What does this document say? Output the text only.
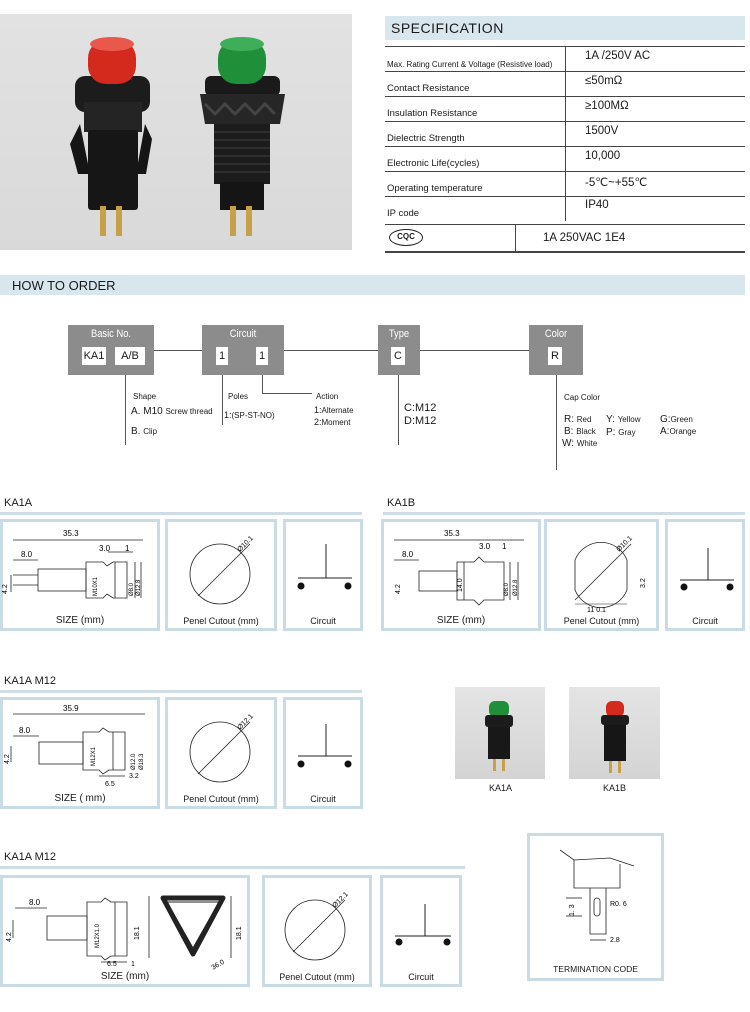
SPECIFICATION
Max. Rating Current & Voltage (Resistive load)
1A /250V AC
Contact Resistance
≤50mΩ
Insulation Resistance
≥100MΩ
Dielectric Strength
1500V
Electronic Life(cycles)
10,000
Operating temperature	-5℃~+55℃
IP code
IP40
CQC	1A 250VAC 1E4
HOW TO ORDER
Basic No.
KA1	A/B
Circuit
1	1
Type
C
Color
R
Shape
A. M10 Screw thread
B. Clip
Poles
1:(SP-ST-NO)
Action
1:Alternate
2:Moment
C:M12
D:M12
Cap Color
R: Red Y: Yellow G:Green
B: Black P: Gray A:Orange
W: White
KA1A
35.3
8.0
3.0 1
4.2	M10X1	Ø8.0 Ø12.8
SIZE (mm)
Ø10.1
Penel Cutout (mm)	Circuit
KA1B
35.3
8.0
3.0 1
4.2	14.0	Ø8.0 Ø12.8
SIZE (mm)
Ø10.1
11 0.1
3.2
Penel Cutout (mm)	Circuit
KA1A M12
35.9
8.0
4.2	M12X1	Ø12.0 Ø18.3
6.5
3.2
SIZE ( mm)
Ø12.1
Penel Cutout (mm)	Circuit
KA1A	KA1B
KA1A M12
8.0
4.2	M12X1.0	18.1	18.1
6.5 1	36.0
SIZE (mm)
Ø12.1
Penel Cutout (mm)	Circuit
R0. 6
2.8
1. 3
TERMINATION CODE
